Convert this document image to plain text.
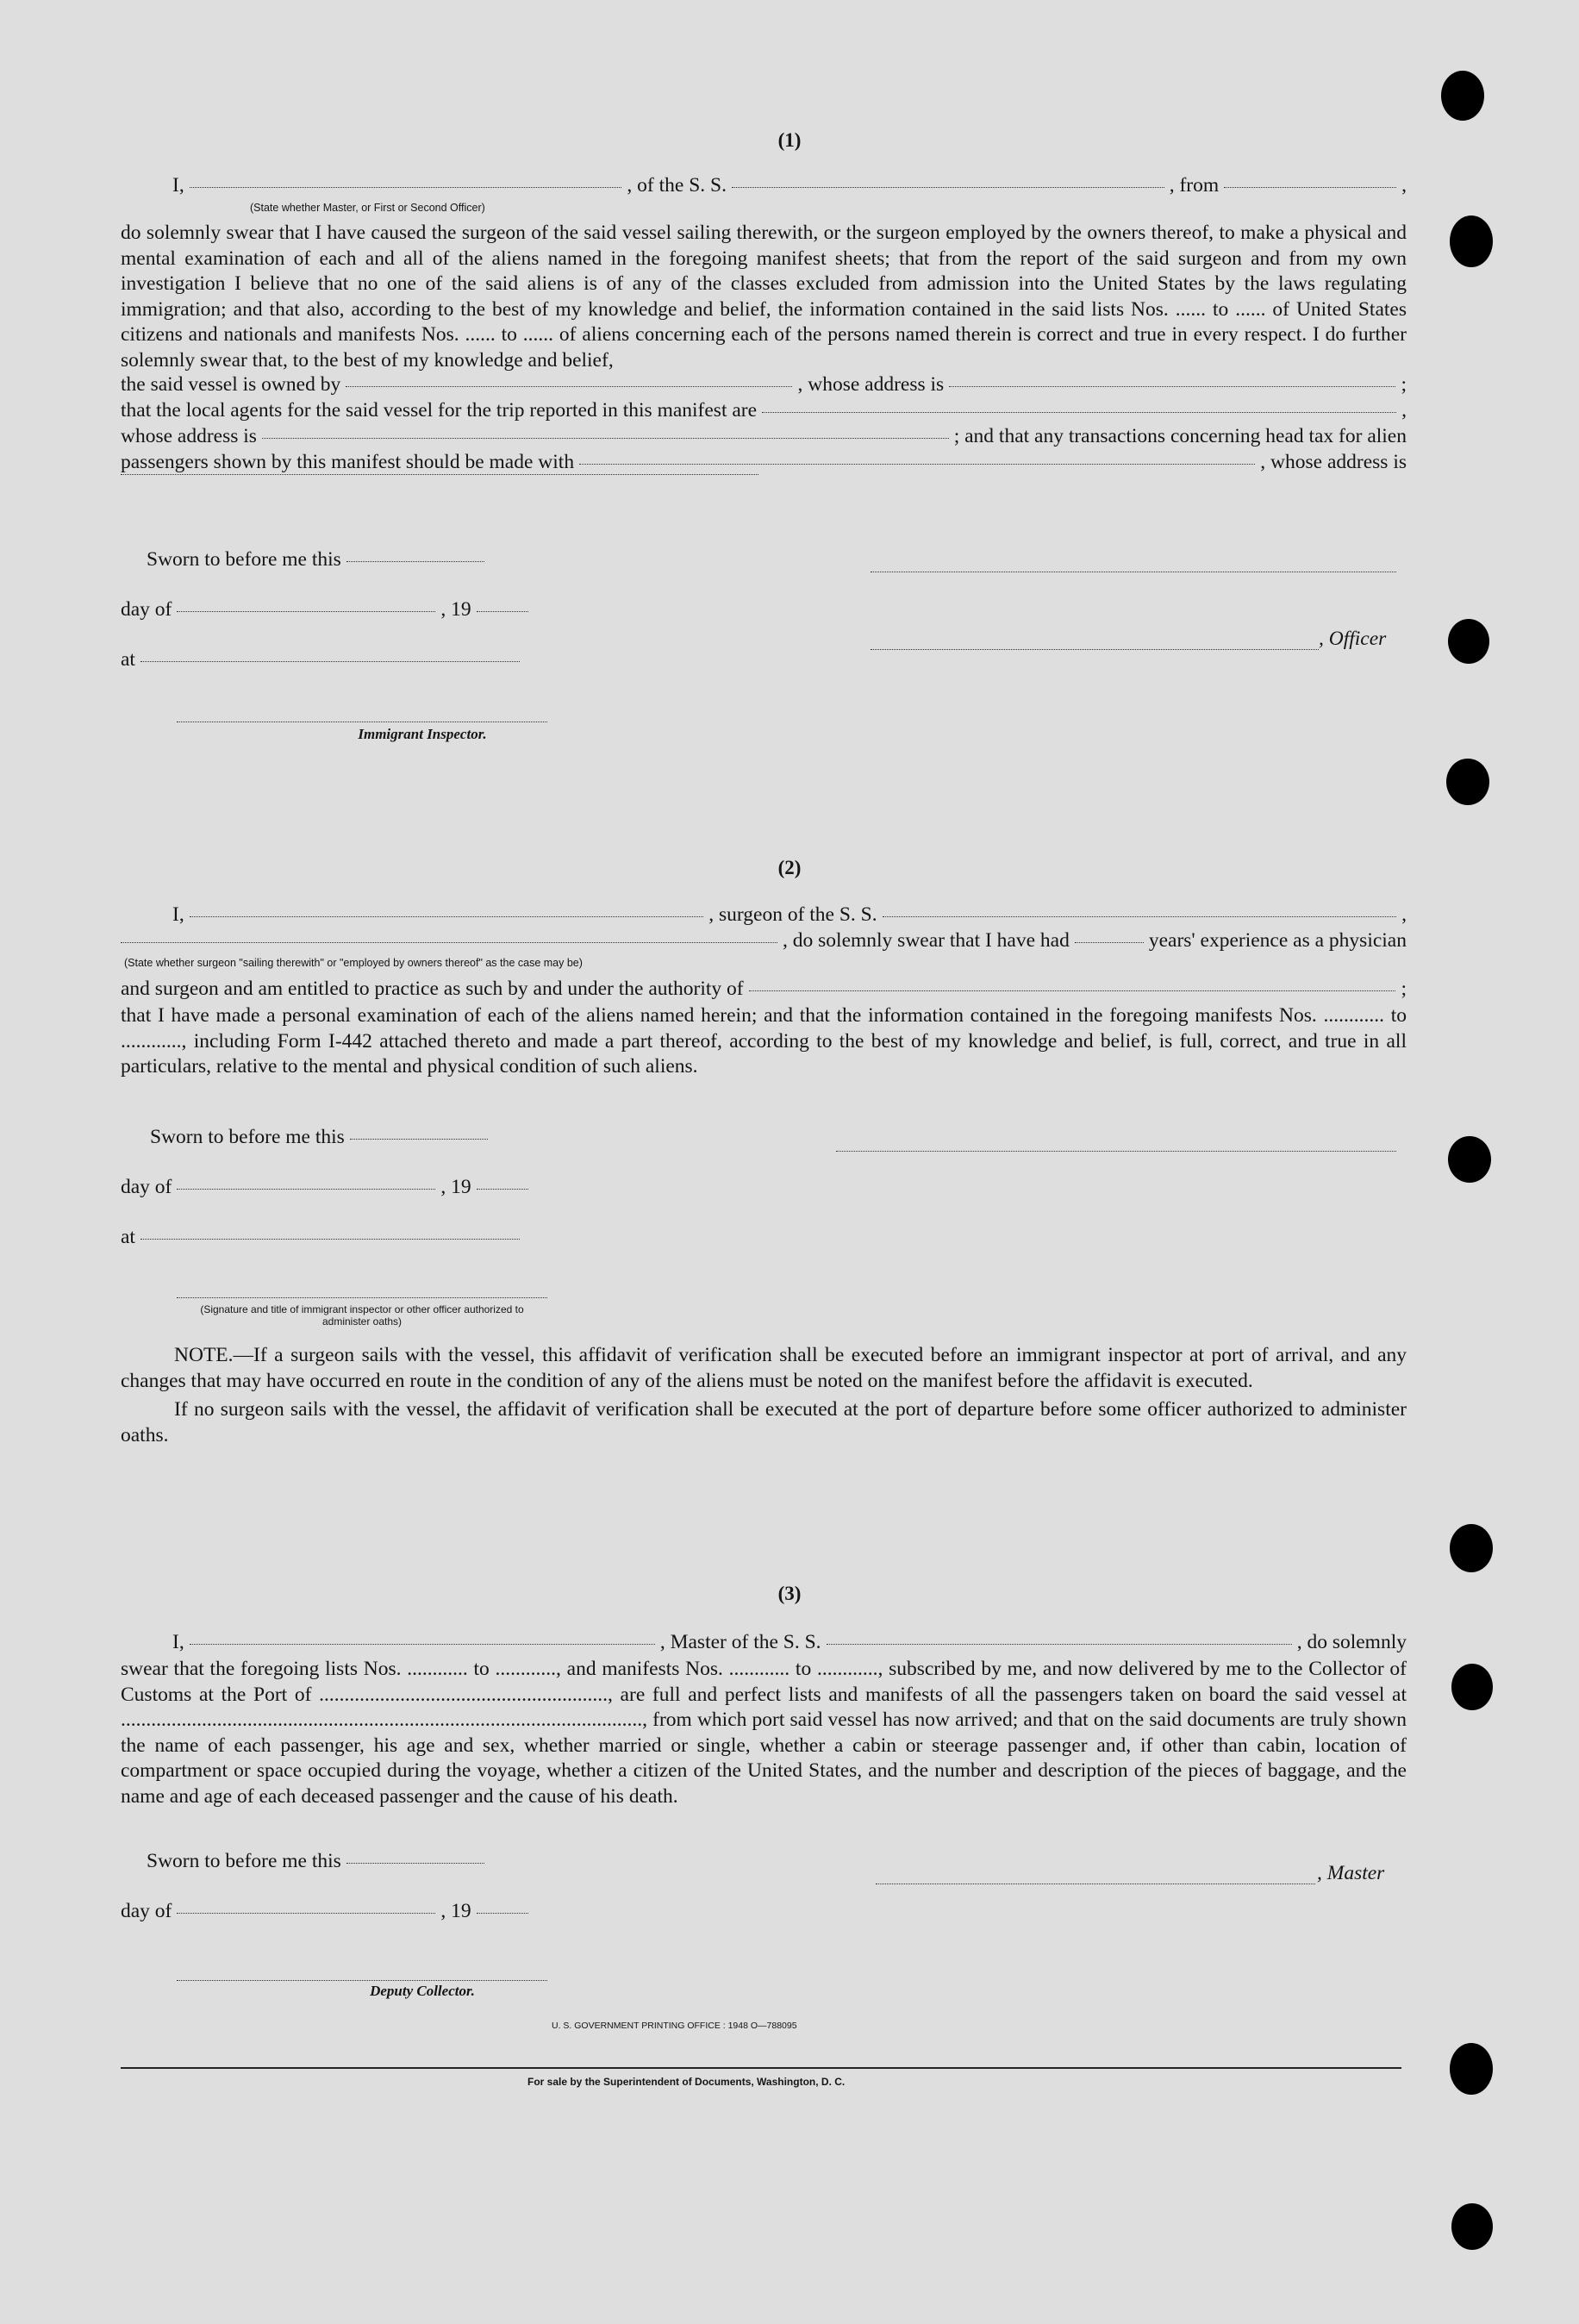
(1)
I,	, of the S. S.	, from	,
(State whether Master, or First or Second Officer)
do solemnly swear that I have caused the surgeon of the said vessel sailing therewith, or the surgeon employed by the owners thereof, to make a physical and mental examination of each and all of the aliens named in the foregoing manifest sheets; that from the report of the said surgeon and from my own investigation I believe that no one of the said aliens is of any of the classes excluded from admission into the United States by the laws regulating immigration; and that also, according to the best of my knowledge and belief, the information contained in the said lists Nos. ...... to ...... of United States citizens and nationals and manifests Nos. ...... to ...... of aliens concerning each of the persons named therein is correct and true in every respect. I do further solemnly swear that, to the best of my knowledge and belief,
the said vessel is owned by	, whose address is	;
that the local agents for the said vessel for the trip reported in this manifest are	,
whose address is	; and that any transactions concerning head tax for alien
passengers shown by this manifest should be made with	, whose address is
Sworn to before me this
day of	, 19
at
, Officer
Immigrant Inspector.
(2)
I,	, surgeon of the S. S.	,
, do solemnly swear that I have had	years' experience as a physician
(State whether surgeon "sailing therewith" or "employed by owners thereof" as the case may be)
and surgeon and am entitled to practice as such by and under the authority of	;
that I have made a personal examination of each of the aliens named herein; and that the information contained in the foregoing manifests Nos. ............ to ............, including Form I-442 attached thereto and made a part thereof, according to the best of my knowledge and belief, is full, correct, and true in all particulars, relative to the mental and physical condition of such aliens.
Sworn to before me this
day of	, 19
at
(Signature and title of immigrant inspector or other officer authorized to administer oaths)
NOTE.—If a surgeon sails with the vessel, this affidavit of verification shall be executed before an immigrant inspector at port of arrival, and any changes that may have occurred en route in the condition of any of the aliens must be noted on the manifest before the affidavit is executed.
If no surgeon sails with the vessel, the affidavit of verification shall be executed at the port of departure before some officer authorized to administer oaths.
(3)
I,	, Master of the S. S.	, do solemnly
swear that the foregoing lists Nos. ............ to ............, and manifests Nos. ............ to ............, subscribed by me, and now delivered by me to the Collector of Customs at the Port of ........................................................., are full and perfect lists and manifests of all the passengers taken on board the said vessel at ......................................................................................................., from which port said vessel has now arrived; and that on the said documents are truly shown the name of each passenger, his age and sex, whether married or single, whether a cabin or steerage passenger and, if other than cabin, location of compartment or space occupied during the voyage, whether a citizen of the United States, and the number and description of the pieces of baggage, and the name and age of each deceased passenger and the cause of his death.
Sworn to before me this
day of	, 19
, Master
Deputy Collector.
U. S. GOVERNMENT PRINTING OFFICE : 1948 O—788095
For sale by the Superintendent of Documents, Washington, D. C.
